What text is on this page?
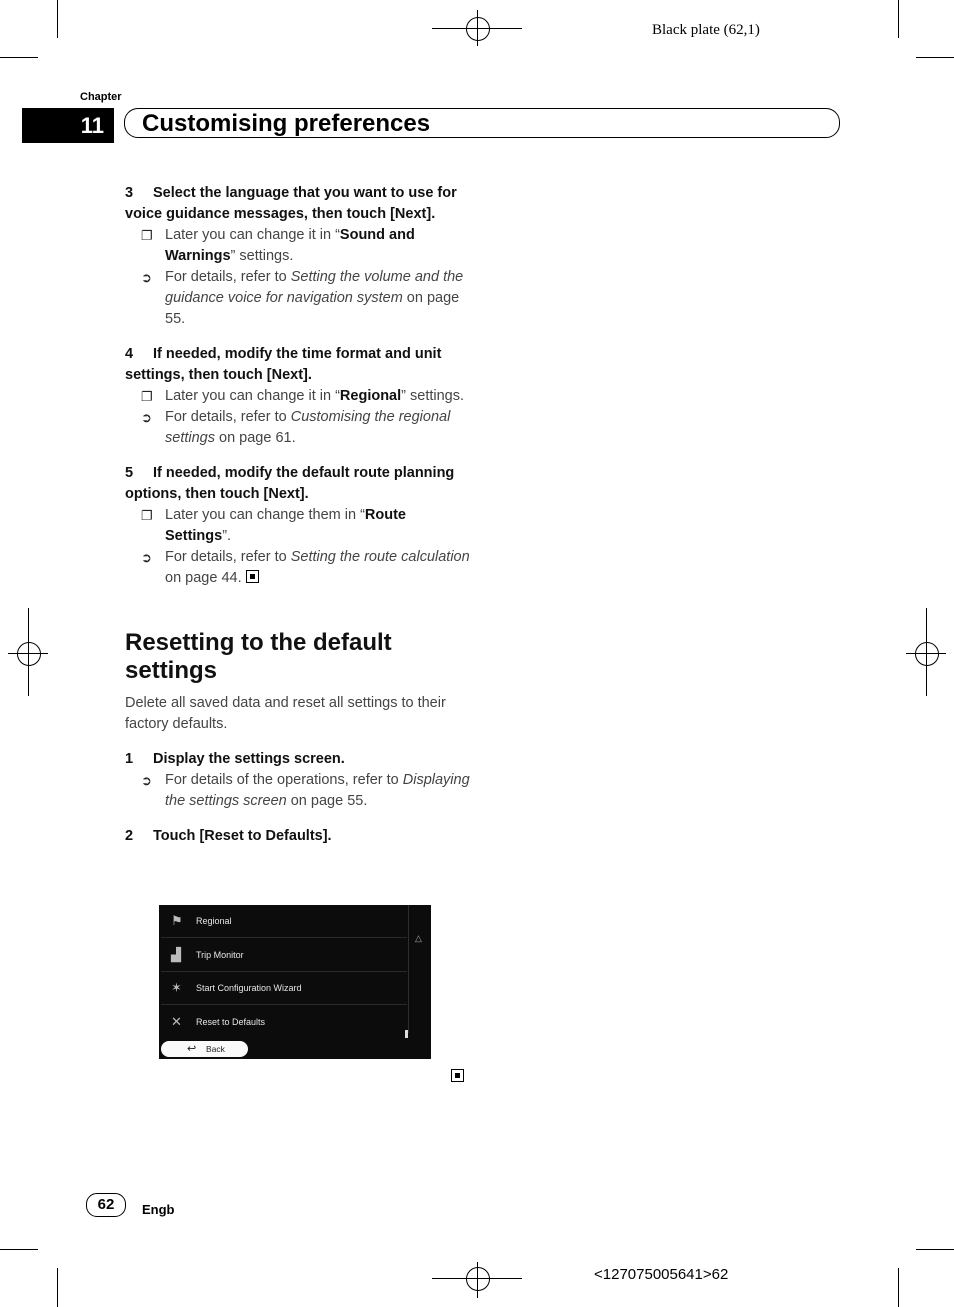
Black plate (62,1)
Chapter
11	Customising preferences

3 Select the language that you want to use for voice guidance messages, then touch [Next].

❐ Later you can change it in “Sound and Warnings” settings.

➲ For details, refer to Setting the volume and the guidance voice for navigation system on page 55.

4 If needed, modify the time format and unit settings, then touch [Next].

❐ Later you can change it in “Regional” settings.

➲ For details, refer to Customising the regional settings on page 61.

5 If needed, modify the default route planning options, then touch [Next].

❐ Later you can change them in “Route Settings”.

➲ For details, refer to Setting the route calculation on page 44.

Resetting to the default settings

Delete all saved data and reset all settings to their factory defaults.

1 Display the settings screen.

➲ For details of the operations, refer to Displaying the settings screen on page 55.

2 Touch [Reset to Defaults].

⚑	Regional
▟	Trip Monitor
✶	Start Configuration Wizard
✕	Reset to Defaults
△
↩ Back
62	Engb
<127075005641>62
